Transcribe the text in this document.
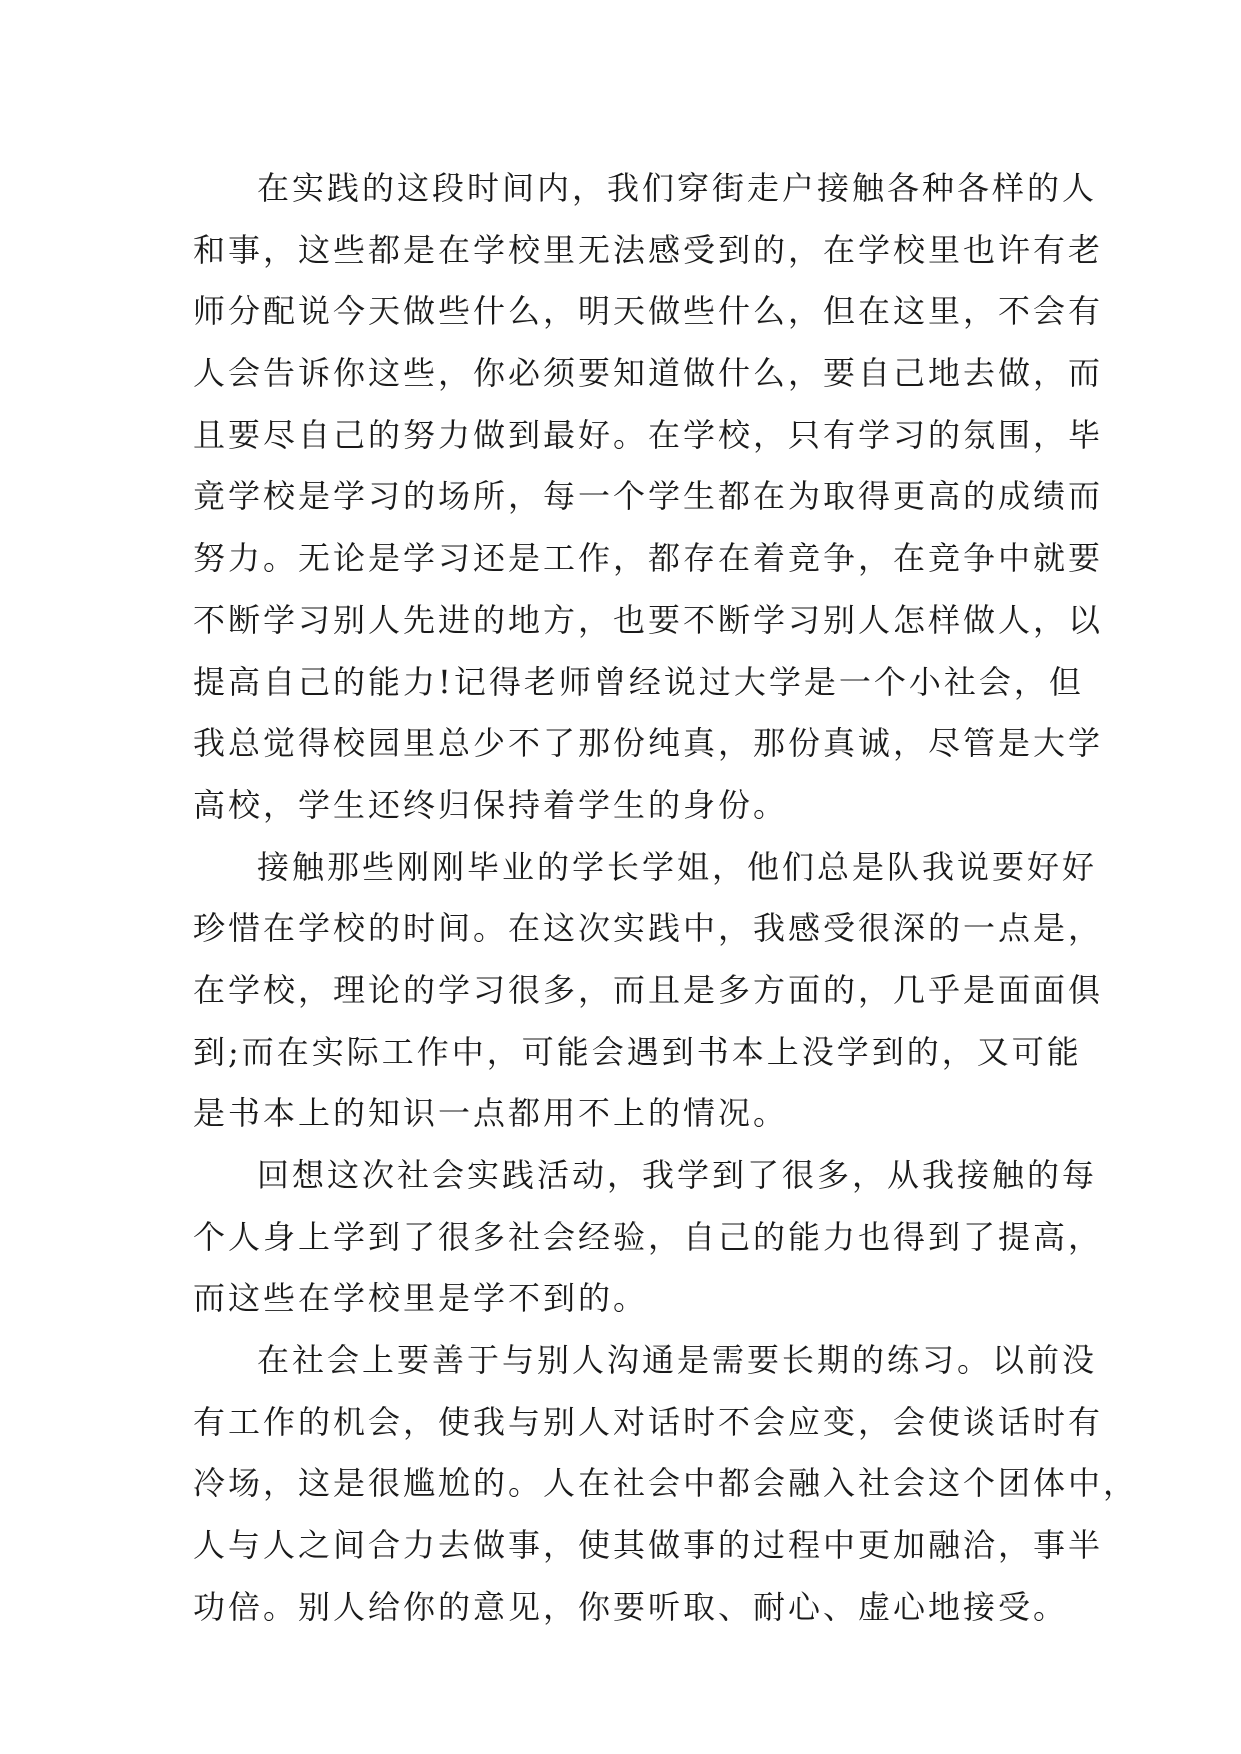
在实践的这段时间内，我们穿街走户接触各种各样的人
和事，这些都是在学校里无法感受到的，在学校里也许有老
师分配说今天做些什么，明天做些什么，但在这里，不会有
人会告诉你这些，你必须要知道做什么，要自己地去做，而
且要尽自己的努力做到最好。在学校，只有学习的氛围，毕
竟学校是学习的场所，每一个学生都在为取得更高的成绩而
努力。无论是学习还是工作，都存在着竞争，在竞争中就要
不断学习别人先进的地方，也要不断学习别人怎样做人，以
提高自己的能力!记得老师曾经说过大学是一个小社会，但
我总觉得校园里总少不了那份纯真，那份真诚，尽管是大学
高校，学生还终归保持着学生的身份。
接触那些刚刚毕业的学长学姐，他们总是队我说要好好
珍惜在学校的时间。在这次实践中，我感受很深的一点是，
在学校，理论的学习很多，而且是多方面的，几乎是面面俱
到;而在实际工作中，可能会遇到书本上没学到的，又可能
是书本上的知识一点都用不上的情况。
回想这次社会实践活动，我学到了很多，从我接触的每
个人身上学到了很多社会经验，自己的能力也得到了提高，
而这些在学校里是学不到的。
在社会上要善于与别人沟通是需要长期的练习。以前没
有工作的机会，使我与别人对话时不会应变，会使谈话时有
冷场，这是很尴尬的。人在社会中都会融入社会这个团体中，
人与人之间合力去做事，使其做事的过程中更加融洽，事半
功倍。别人给你的意见，你要听取、耐心、虚心地接受。
